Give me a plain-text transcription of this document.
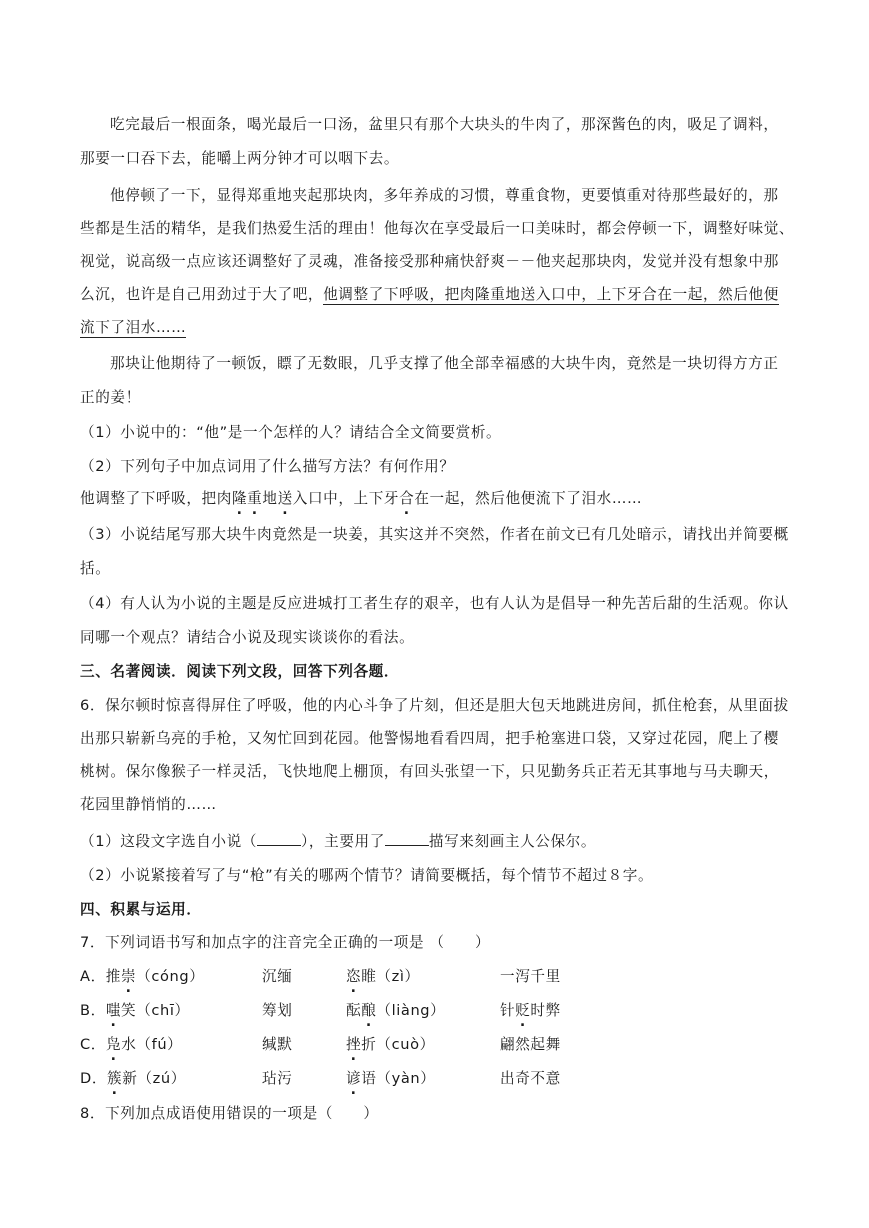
吃完最后一根面条，喝光最后一口汤，盆里只有那个大块头的牛肉了，那深酱色的肉，吸足了调料，
那要一口吞下去，能嚼上两分钟才可以咽下去。
他停顿了一下，显得郑重地夹起那块肉，多年养成的习惯，尊重食物，更要慎重对待那些最好的，那
些都是生活的精华，是我们热爱生活的理由！他每次在享受最后一口美味时，都会停顿一下，调整好味觉、
视觉，说高级一点应该还调整好了灵魂，准备接受那种痛快舒爽－－他夹起那块肉，发觉并没有想象中那
么沉，也许是自己用劲过于大了吧，他调整了下呼吸，把肉隆重地送入口中，上下牙合在一起，然后他便
流下了泪水……
那块让他期待了一顿饭，瞟了无数眼，几乎支撑了他全部幸福感的大块牛肉，竟然是一块切得方方正
正的姜！
（1）小说中的：“他”是一个怎样的人？请结合全文简要赏析。
（2）下列句子中加点词用了什么描写方法？有何作用？
他调整了下呼吸，把肉隆重地送入口中，上下牙合在一起，然后他便流下了泪水……
（3）小说结尾写那大块牛肉竟然是一块姜，其实这并不突然，作者在前文已有几处暗示，请找出并简要概
括。
（4）有人认为小说的主题是反应进城打工者生存的艰辛，也有人认为是倡导一种先苦后甜的生活观。你认
同哪一个观点？请结合小说及现实谈谈你的看法。
三、名著阅读．阅读下列文段，回答下列各题．
6．保尔顿时惊喜得屏住了呼吸，他的内心斗争了片刻，但还是胆大包天地跳进房间，抓住枪套，从里面拔
出那只崭新乌亮的手枪，又匆忙回到花园。他警惕地看看四周，把手枪塞进口袋，又穿过花园，爬上了樱
桃树。保尔像猴子一样灵活，飞快地爬上棚顶，有回头张望一下，只见勤务兵正若无其事地与马夫聊天，
花园里静悄悄的……
（1）这段文字选自小说（	），主要用了	描写来刻画主人公保尔。
（2）小说紧接着写了与“枪”有关的哪两个情节？请简要概括，每个情节不超过８字。
四、积累与运用．
7．下列词语书写和加点字的注音完全正确的一项是 （　　）
A．推崇（cóng）	沉缅	恣睢（zì）	一泻千里
B．嗤笑（chī）	筹划	酝酿（liàng）	针贬时弊
C．凫水（fú）	缄默	挫折（cuò）	翩然起舞
D．簇新（zú）	玷污	谚语（yàn）	出奇不意
8．下列加点成语使用错误的一项是（　　）
